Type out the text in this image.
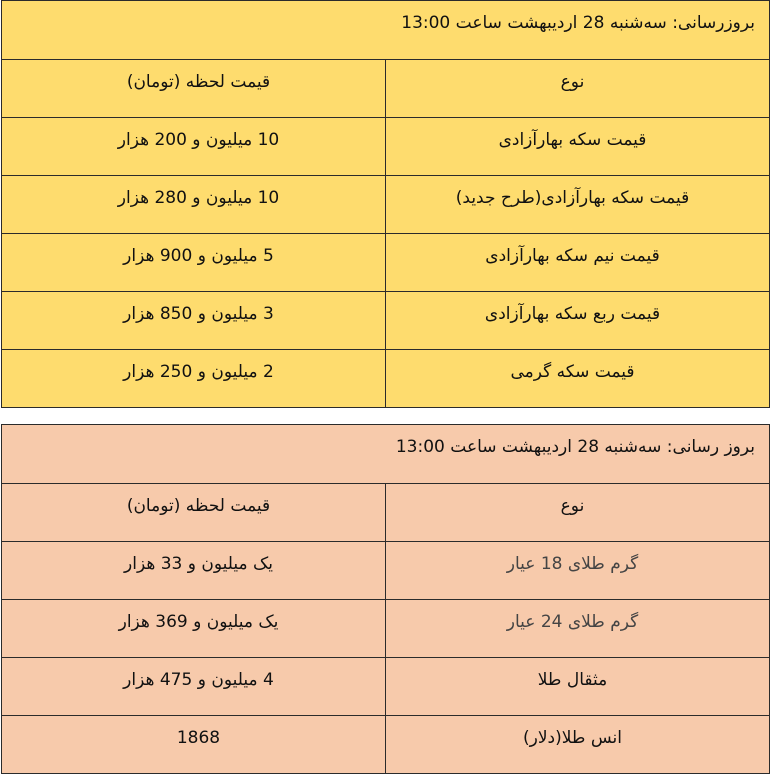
بروزرسانی: سه‌شنبه 28 اردیبهشت ساعت 13:00	

نوع	قیمت لحظه (تومان)

قیمت سکه بهارآزادی	10 میلیون و 200 هزار

قیمت سکه بهارآزادی(طرح جدید)	10 میلیون و 280 هزار

قیمت نیم سکه بهارآزادی	5 میلیون و 900 هزار

قیمت ربع سکه بهارآزادی	3 میلیون و 850 هزار

قیمت سکه گرمی	2 میلیون و 250 هزار
بروز رسانی: سه‌شنبه 28 اردیبهشت ساعت 13:00	

نوع	قیمت لحظه (تومان)

گرم طلای 18 عیار	یک میلیون و 33 هزار

گرم طلای 24 عیار	یک میلیون و 369 هزار

مثقال طلا	4 میلیون و 475 هزار

انس طلا(دلار)	1868
